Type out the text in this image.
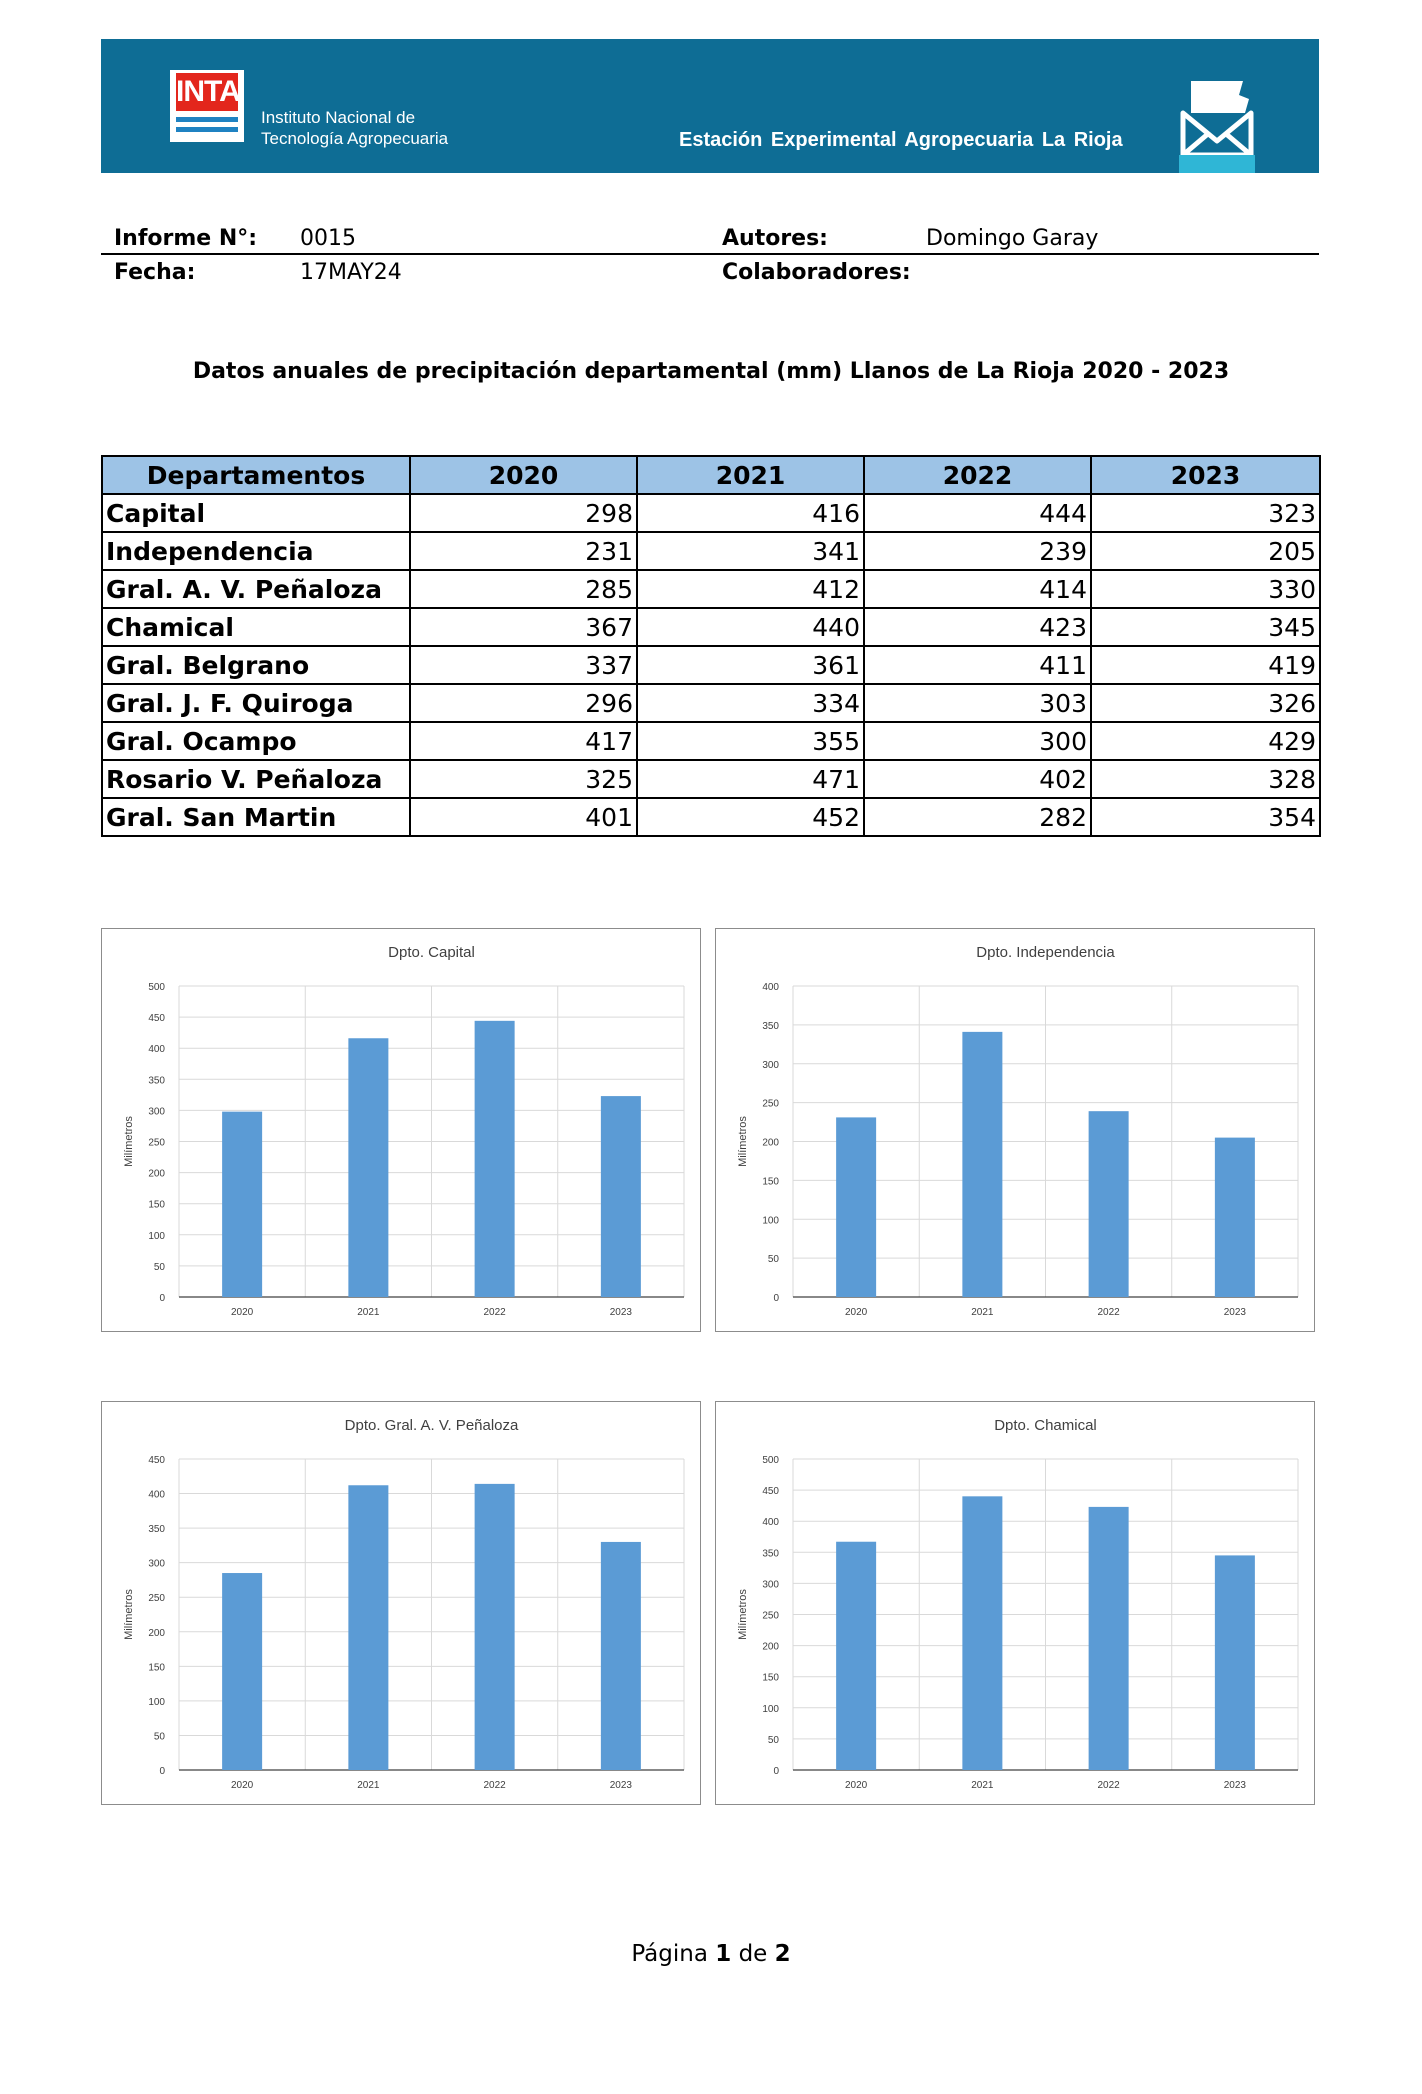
INTA
Instituto Nacional de
Tecnología Agropecuaria	Estación Experimental Agropecuaria La Rioja
Informe N°: 0015	Autores:	Domingo Garay
Fecha:	17MAY24	Colaboradores:
Datos anuales de precipitación departamental (mm) Llanos de La Rioja 2020 - 2023
Departamentos	2020	2021	2022	2023
Capital	298	416	444	323
Independencia	231	341	239	205
Gral. A. V. Peñaloza	285	412	414	330
Chamical	367	440	423	345
Gral. Belgrano	337	361	411	419
Gral. J. F. Quiroga	296	334	303	326
Gral. Ocampo	417	355	300	429
Rosario V. Peñaloza	325	471	402	328
Gral. San Martin	401	452	282	354
Dpto. Capital
0
50
100
150
200
250
300
350
400
450
500
2020	2021	2022	2023
Milímetros
Dpto. Independencia
0
50
100
150
200
250
300
350
400
2020	2021	2022	2023
Milímetros
Dpto. Gral. A. V. Peñaloza
0
50
100
150
200
250
300
350
400
450
2020	2021	2022	2023
Milímetros
Dpto. Chamical
0
50
100
150
200
250
300
350
400
450
500
2020	2021	2022	2023
Milímetros
Página 1 de 2
